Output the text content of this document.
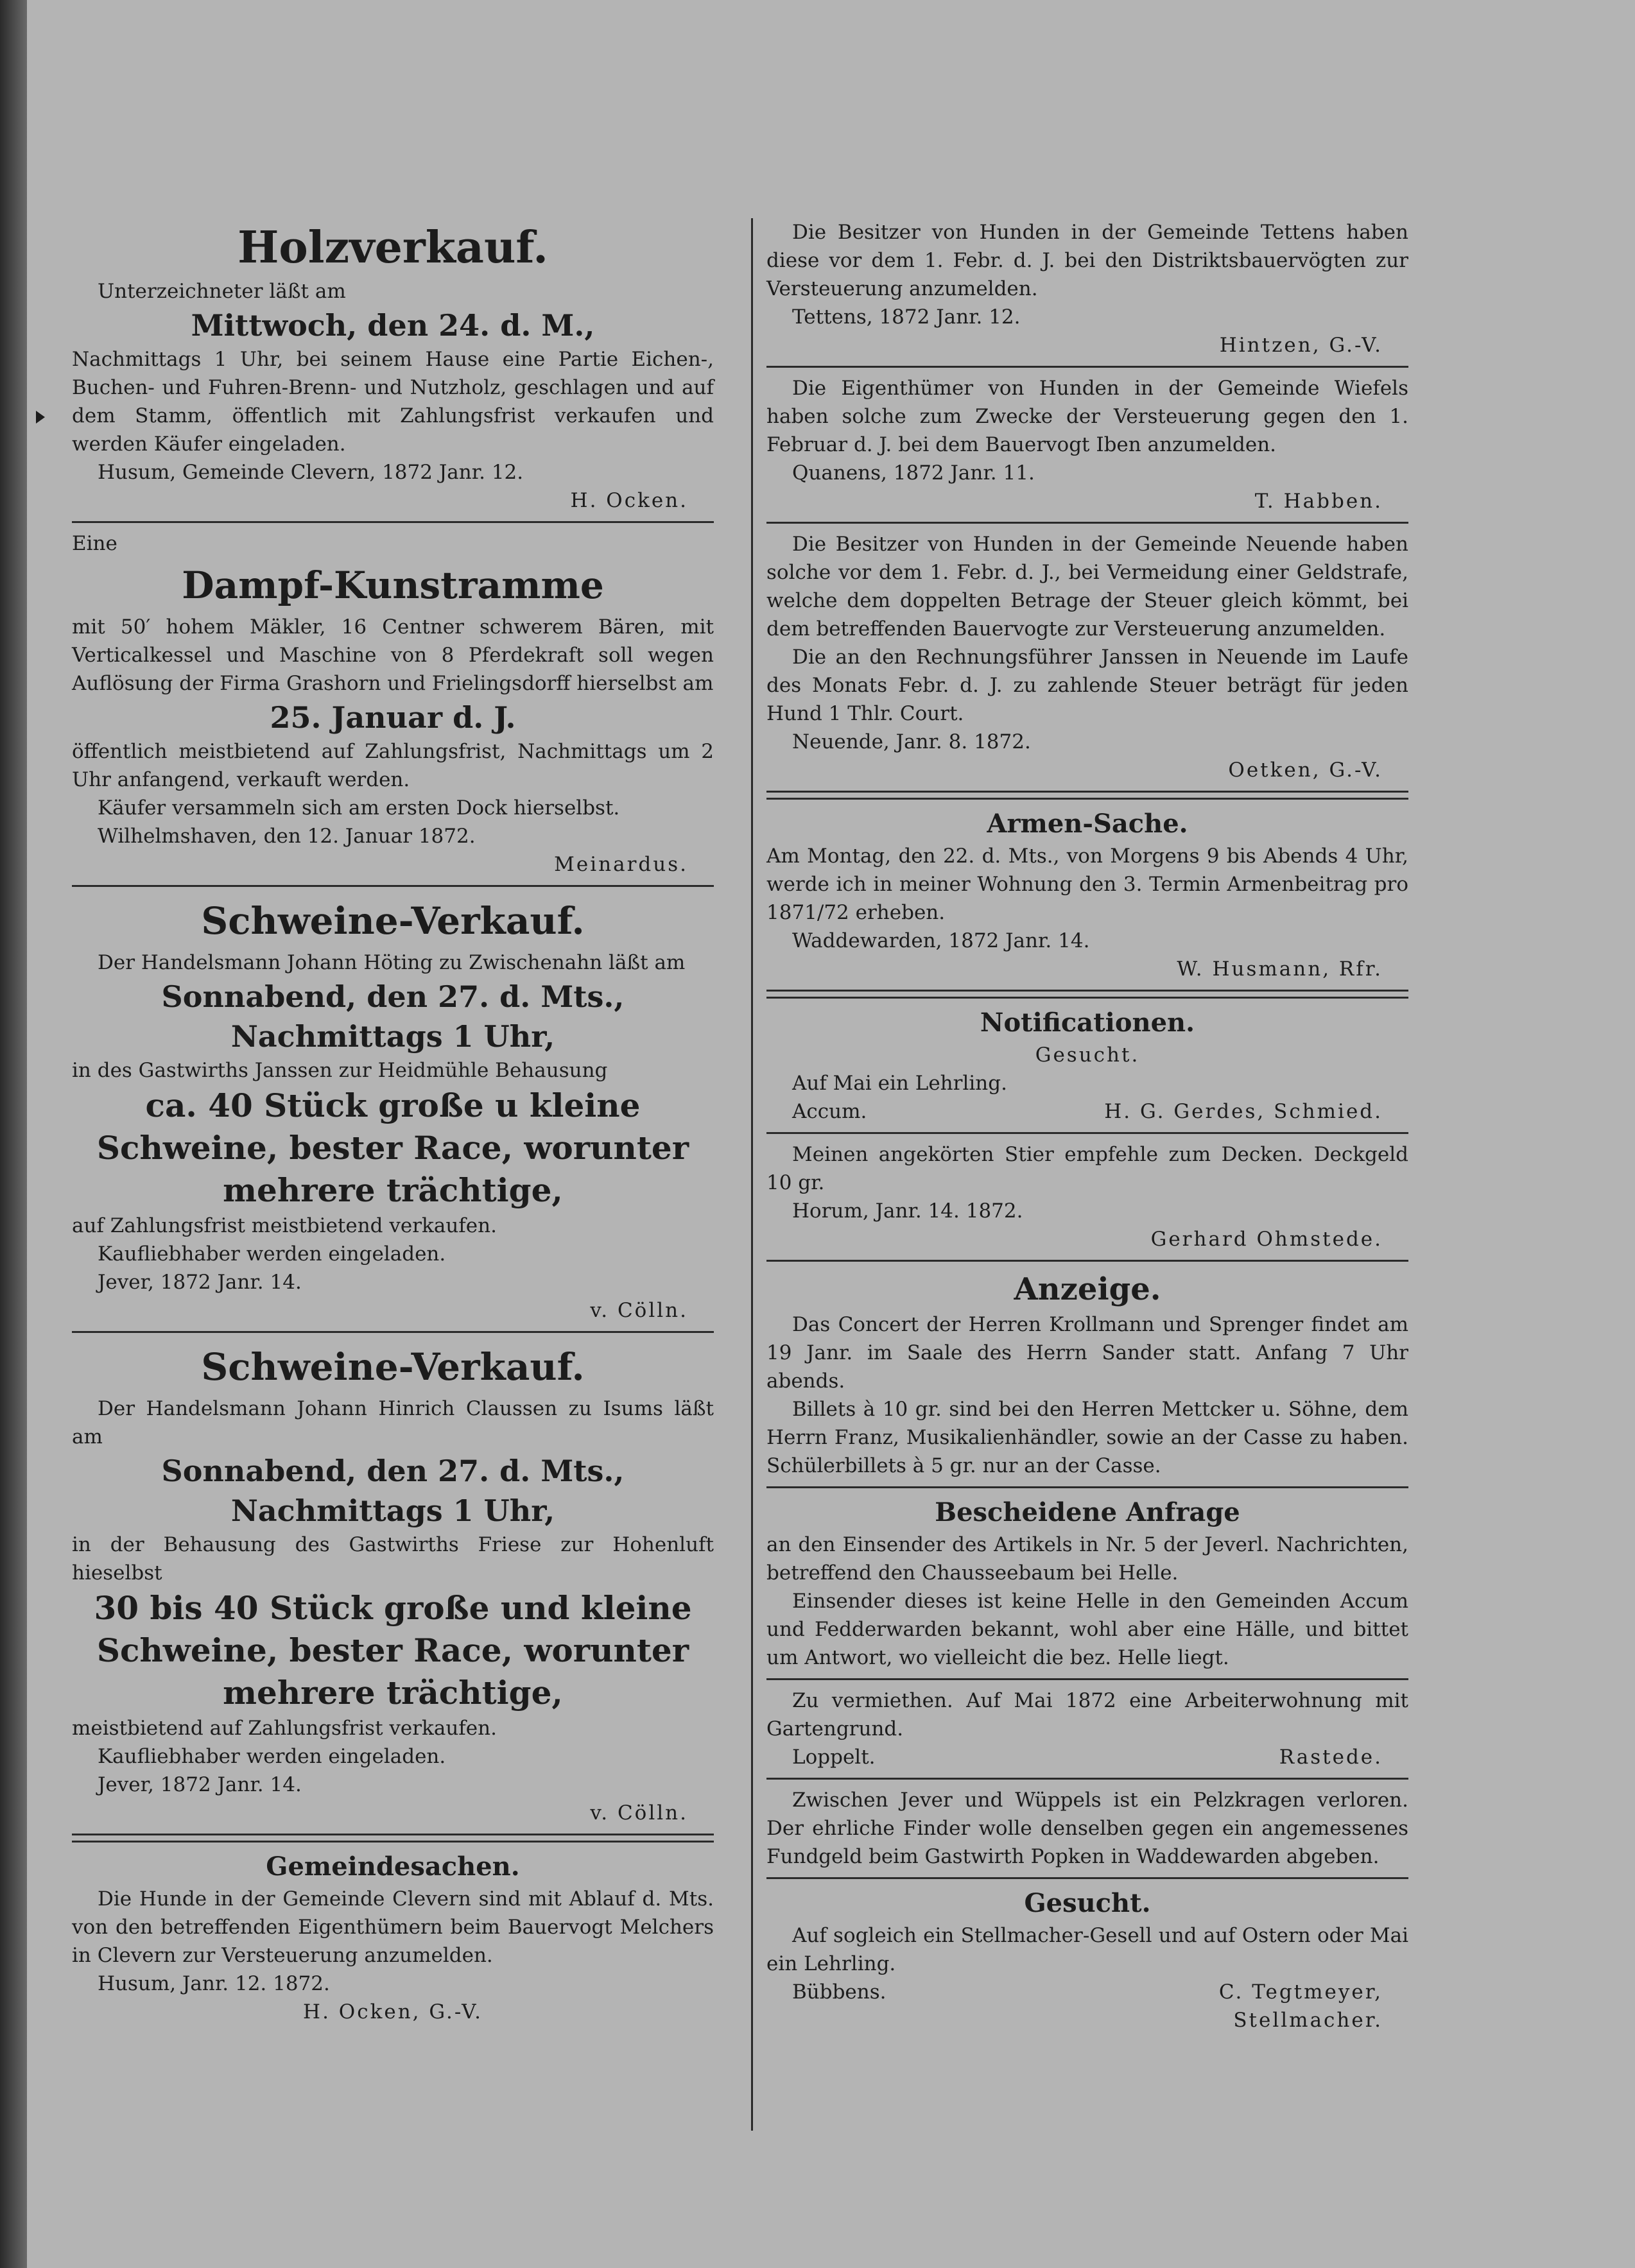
Holzverkauf.

Unterzeichneter läßt am

Mittwoch, den 24. d. M.,

Nachmittags 1 Uhr, bei seinem Hause eine Partie Eichen-, Buchen- und Fuhren-Brenn- und Nutzholz, geschlagen und auf dem Stamm, öffentlich mit Zahlungsfrist verkaufen und werden Käufer eingeladen.

Husum, Gemeinde Clevern, 1872 Janr. 12.

H. Ocken.

Eine

Dampf-Kunstramme

mit 50′ hohem Mäkler, 16 Centner schwerem Bären, mit Verticalkessel und Maschine von 8 Pferdekraft soll wegen Auflösung der Firma Grashorn und Frielingsdorff hierselbst am

25. Januar d. J.

öffentlich meistbietend auf Zahlungsfrist, Nachmittags um 2 Uhr anfangend, verkauft werden.

Käufer versammeln sich am ersten Dock hierselbst.

Wilhelmshaven, den 12. Januar 1872.

Meinardus.

Schweine-Verkauf.

Der Handelsmann Johann Höting zu Zwischenahn läßt am

Sonnabend, den 27. d. Mts.,

Nachmittags 1 Uhr,

in des Gastwirths Janssen zur Heidmühle Behausung

ca. 40 Stück große u kleine Schweine, bester Race, worunter mehrere trächtige,

auf Zahlungsfrist meistbietend verkaufen.

Kaufliebhaber werden eingeladen.

Jever, 1872 Janr. 14.

v. Cölln.

Schweine-Verkauf.

Der Handelsmann Johann Hinrich Claussen zu Isums läßt am

Sonnabend, den 27. d. Mts.,

Nachmittags 1 Uhr,

in der Behausung des Gastwirths Friese zur Hohenluft hieselbst

30 bis 40 Stück große und kleine Schweine, bester Race, worunter mehrere trächtige,

meistbietend auf Zahlungsfrist verkaufen.

Kaufliebhaber werden eingeladen.

Jever, 1872 Janr. 14.

v. Cölln.

Gemeindesachen.

Die Hunde in der Gemeinde Clevern sind mit Ablauf d. Mts. von den betreffenden Eigenthümern beim Bauervogt Melchers in Clevern zur Versteuerung anzumelden.

Husum, Janr. 12. 1872.

H. Ocken, G.-V.

Die Besitzer von Hunden in der Gemeinde Tettens haben diese vor dem 1. Febr. d. J. bei den Distriktsbauervögten zur Versteuerung anzumelden.

Tettens, 1872 Janr. 12.

Hintzen, G.-V.

Die Eigenthümer von Hunden in der Gemeinde Wiefels haben solche zum Zwecke der Versteuerung gegen den 1. Februar d. J. bei dem Bauervogt Iben anzumelden.

Quanens, 1872 Janr. 11.

T. Habben.

Die Besitzer von Hunden in der Gemeinde Neuende haben solche vor dem 1. Febr. d. J., bei Vermeidung einer Geldstrafe, welche dem doppelten Betrage der Steuer gleich kömmt, bei dem betreffenden Bauervogte zur Versteuerung anzumelden.

Die an den Rechnungsführer Janssen in Neuende im Laufe des Monats Febr. d. J. zu zahlende Steuer beträgt für jeden Hund 1 Thlr. Court.

Neuende, Janr. 8. 1872.

Oetken, G.-V.

Armen-Sache.

Am Montag, den 22. d. Mts., von Morgens 9 bis Abends 4 Uhr, werde ich in meiner Wohnung den 3. Termin Armenbeitrag pro 1871/72 erheben.

Waddewarden, 1872 Janr. 14.

W. Husmann, Rfr.

Notificationen.

Gesucht.

Auf Mai ein Lehrling.

Accum.	H. G. Gerdes, Schmied.

Meinen angekörten Stier empfehle zum Decken. Deckgeld 10 gr.

Horum, Janr. 14. 1872.

Gerhard Ohmstede.

Anzeige.

Das Concert der Herren Krollmann und Sprenger findet am 19 Janr. im Saale des Herrn Sander statt. Anfang 7 Uhr abends.

Billets à 10 gr. sind bei den Herren Mettcker u. Söhne, dem Herrn Franz, Musikalienhändler, sowie an der Casse zu haben. Schülerbillets à 5 gr. nur an der Casse.

Bescheidene Anfrage

an den Einsender des Artikels in Nr. 5 der Jeverl. Nachrichten, betreffend den Chausseebaum bei Helle.

Einsender dieses ist keine Helle in den Gemeinden Accum und Fedderwarden bekannt, wohl aber eine Hälle, und bittet um Antwort, wo vielleicht die bez. Helle liegt.

Zu vermiethen. Auf Mai 1872 eine Arbeiterwohnung mit Gartengrund.

Loppelt.	Rastede.

Zwischen Jever und Wüppels ist ein Pelzkragen verloren. Der ehrliche Finder wolle denselben gegen ein angemessenes Fundgeld beim Gastwirth Popken in Waddewarden abgeben.

Gesucht.

Auf sogleich ein Stellmacher-Gesell und auf Ostern oder Mai ein Lehrling.

Bübbens.	C. Tegtmeyer,

Stellmacher.
